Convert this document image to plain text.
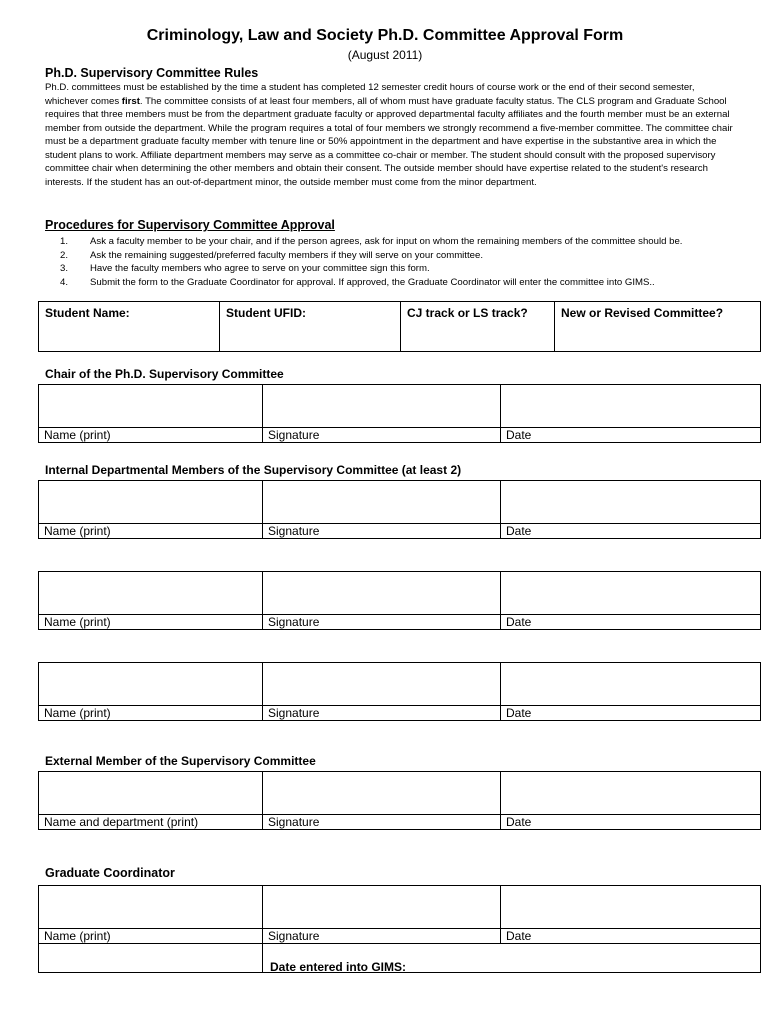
Criminology, Law and Society Ph.D. Committee Approval Form
(August 2011)
Ph.D. Supervisory Committee Rules
Ph.D. committees must be established by the time a student has completed 12 semester credit hours of course work or the end of their second semester, whichever comes first. The committee consists of at least four members, all of whom must have graduate faculty status. The CLS program and Graduate School requires that three members must be from the department graduate faculty or approved departmental faculty affiliates and the fourth member must be an external member from outside the department. While the program requires a total of four members we strongly recommend a five-member committee. The committee chair must be a department graduate faculty member with tenure line or 50% appointment in the department and have expertise in the substantive area in which the student plans to work. Affiliate department members may serve as a committee co-chair or member. The student should consult with the proposed supervisory committee chair when determining the other members and obtain their consent. The outside member should have expertise related to the student's research interests. If the student has an out-of-department minor, the outside member must come from the minor department.
Procedures for Supervisory Committee Approval
1. Ask a faculty member to be your chair, and if the person agrees, ask for input on whom the remaining members of the committee should be.
2. Ask the remaining suggested/preferred faculty members if they will serve on your committee.
3. Have the faculty members who agree to serve on your committee sign this form.
4. Submit the form to the Graduate Coordinator for approval. If approved, the Graduate Coordinator will enter the committee into GIMS..
Student Name:	Student UFID:	CJ track or LS track?	New or Revised Committee?
Chair of the Ph.D. Supervisory Committee

Name (print)	Signature	Date
Internal Departmental Members of the Supervisory Committee (at least 2)

Name (print)	Signature	Date

Name (print)	Signature	Date

Name (print)	Signature	Date
External Member of the Supervisory Committee

Name and department (print)	Signature	Date
Graduate Coordinator

Name (print)	Signature	Date

Date entered into GIMS:
